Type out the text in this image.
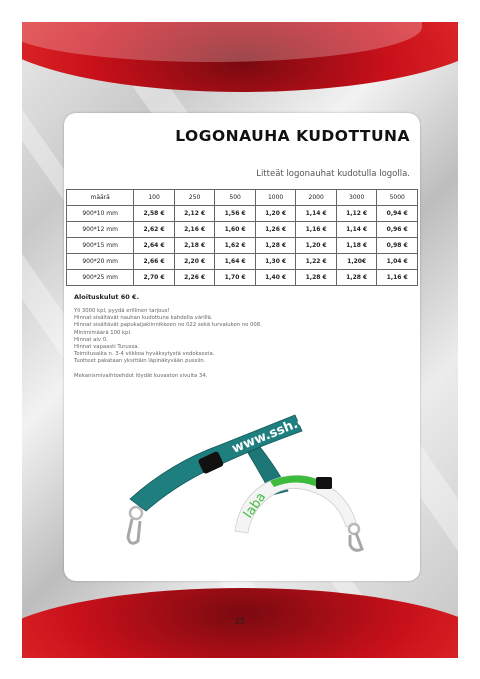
LOGONAUHA KUDOTTUNA
Litteät logonauhat kudotulla logolla.
määrä	100	250	500	1000	2000	3000	5000
900*10 mm	2,58 €	2,12 €	1,56 €	1,20 €	1,14 €	1,12 €	0,94 €
900*12 mm	2,62 €	2,16 €	1,60 €	1,26 €	1,16 €	1,14 €	0,96 €
900*15 mm	2,64 €	2,18 €	1,62 €	1,28 €	1,20 €	1,18 €	0,98 €
900*20 mm	2,66 €	2,20 €	1,64 €	1,30 €	1,22 €	1,20€	1,04 €
900*25 mm	2,70 €	2,26 €	1,70 €	1,40 €	1,28 €	1,28 €	1,16 €

Aloituskulut 60 €.

Yli 3000 kpl, pyydä erillinen tarjous!
Hinnat sisältävät nauhan kudottuna kahdella värillä.
Hinnat sisältävät papukaijakiinnikkeen no 022 sekä turvalukon no 008.
Minimimäärä 100 kpl.
Hinnat alv 0.
Hinnat vapaasti Turussa.
Toimitusaika n. 3-4 viikkoa hyväksytystä vedoksesta.
Tuotteet pakataan yksittäin läpinäkyvään pussiin.
Mekanismivaihtoehdot löydät kuvaston sivulta 34.
www.ssh.com
laba
25
